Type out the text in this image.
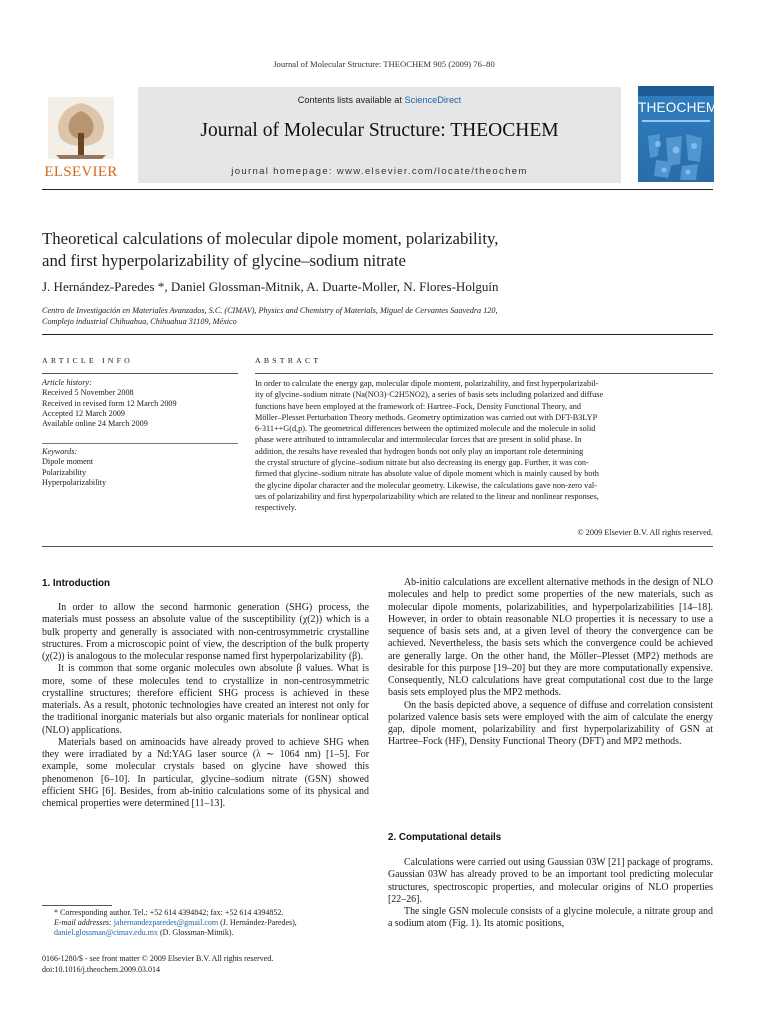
Journal of Molecular Structure: THEOCHEM 905 (2009) 76–80
Contents lists available at ScienceDirect
Journal of Molecular Structure: THEOCHEM
journal homepage: www.elsevier.com/locate/theochem
ELSEVIER
THEOCHEM
Theoretical calculations of molecular dipole moment, polarizability,
and first hyperpolarizability of glycine–sodium nitrate
J. Hernández-Paredes *, Daniel Glossman-Mitnik, A. Duarte-Moller, N. Flores-Holguín
Centro de Investigación en Materiales Avanzados, S.C. (CIMAV), Physics and Chemistry of Materials, Miguel de Cervantes Saavedra 120,
Complejo industrial Chihuahua, Chihuahua 31109, México
ARTICLE INFO	ABSTRACT
Article history:
Received 5 November 2008
Received in revised form 12 March 2009
Accepted 12 March 2009
Available online 24 March 2009
Keywords:
Dipole moment
Polarizability
Hyperpolarizability
In order to calculate the energy gap, molecular dipole moment, polarizability, and first hyperpolarizabil-
ity of glycine–sodium nitrate (Na(NO3)·C2H5NO2), a series of basis sets including polarized and diffuse
functions have been employed at the framework of: Hartree–Fock, Density Functional Theory, and
Möller–Plesset Perturbation Theory methods. Geometry optimization was carried out with DFT-B3LYP
6-311++G(d,p). The geometrical differences between the optimized molecule and the molecule in solid
phase were attributed to intramolecular and intermolecular forces that are present in solid phase. In
addition, the results have revealed that hydrogen bonds not only play an important role determining
the crystal structure of glycine–sodium nitrate but also decreasing its energy gap. Further, it was con-
firmed that glycine–sodium nitrate has absolute value of dipole moment which is mainly caused by both
the glycine dipolar character and the molecular geometry. Likewise, the calculations gave non-zero val-
ues of polarizability and first hyperpolarizability which are related to the linear and nonlinear responses,
respectively.
© 2009 Elsevier B.V. All rights reserved.
1. Introduction

In order to allow the second harmonic generation (SHG) process, the materials must possess an absolute value of the susceptibility (χ(2)) which is a bulk property and generally is associated with non-centrosymmetric crystalline structures. From a microscopic point of view, the description of the bulk property (χ(2)) is analogous to the molecular response named first hyperpolarizability (β).

It is common that some organic molecules own absolute β values. What is more, some of these molecules tend to crystallize in non-centrosymmetric crystalline structures; therefore efficient SHG process is achieved in these materials. As a result, photonic technologies have created an interest not only for the traditional inorganic materials but also organic materials for nonlinear optical (NLO) applications.

Materials based on aminoacids have already proved to achieve SHG when they were irradiated by a Nd:YAG laser source (λ ∼ 1064 nm) [1–5]. For example, some molecular crystals based on glycine have showed this phenomenon [6–10]. In particular, glycine–sodium nitrate (GSN) showed efficient SHG [6]. Besides, from ab-initio calculations some of its physical and chemical properties were determined [11–13].

Ab-initio calculations are excellent alternative methods in the design of NLO molecules and help to predict some properties of the new materials, such as molecular dipole moments, polarizabilities, and hyperpolarizabilities [14–18]. However, in order to obtain reasonable NLO properties it is necessary to use a sequence of basis sets and, at a given level of theory the convergence can be achieved. Nevertheless, the basis sets which the convergence could be achieved are generally large. On the other hand, the Möller–Plesset (MP2) methods are desirable for this purpose [19–20] but they are more computationally expensive. Consequently, NLO calculations have great computational cost due to the large basis sets employed plus the MP2 methods.

On the basis depicted above, a sequence of diffuse and correlation consistent polarized valence basis sets were employed with the aim of calculate the energy gap, dipole moment, polarizability and first hyperpolarizability of GSN at Hartree–Fock (HF), Density Functional Theory (DFT) and MP2 methods.

2. Computational details

Calculations were carried out using Gaussian 03W [21] package of programs. Gaussian 03W has already proved to be an important tool predicting molecular structures, spectroscopic properties, and molecular origins of NLO properties [22–26].

The single GSN molecule consists of a glycine molecule, a nitrate group and a sodium atom (Fig. 1). Its atomic positions,

* Corresponding author. Tel.: +52 614 4394842; fax: +52 614 4394852.
E-mail addresses: jahernandezparedes@gmail.com (J. Hernández-Paredes), daniel.glossman@cimav.edu.mx (D. Glossman-Mitnik).
0166-1280/$ - see front matter © 2009 Elsevier B.V. All rights reserved.
doi:10.1016/j.theochem.2009.03.014
